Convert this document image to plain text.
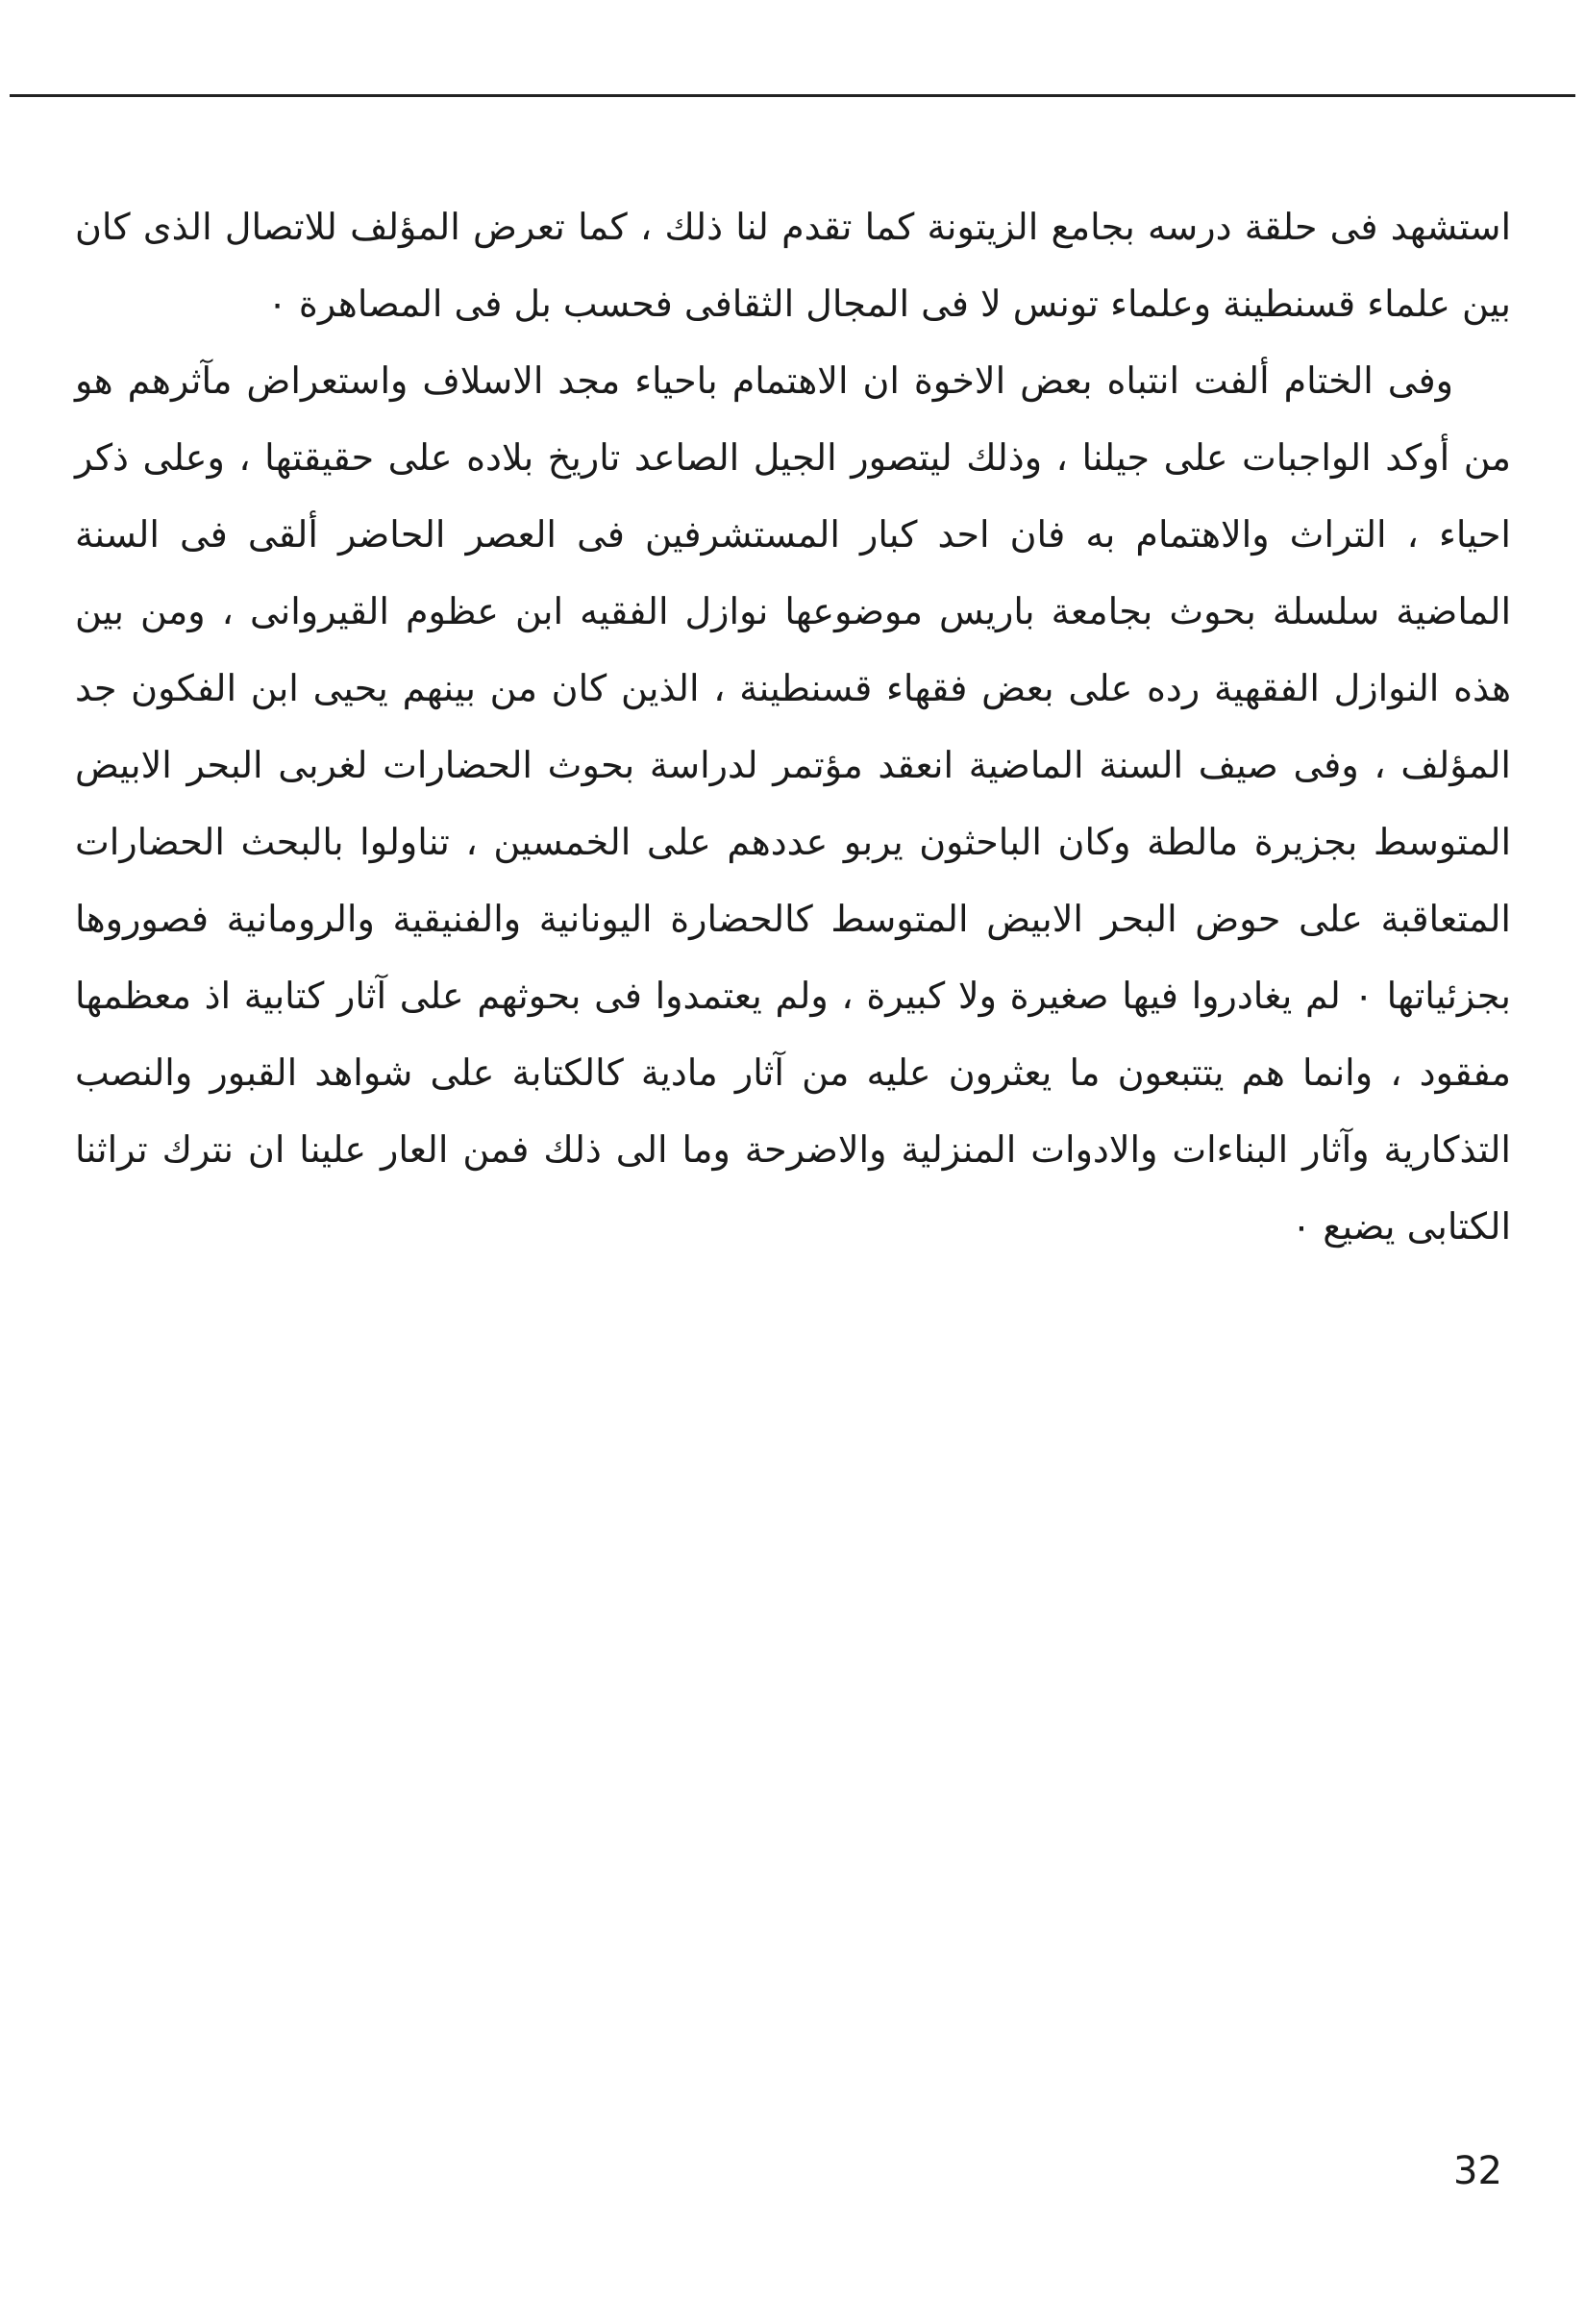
استشهد فى حلقة درسه بجامع الزيتونة كما تقدم لنا ذلك ، كما تعرض المؤلف للاتصال الذى كان بين علماء قسنطينة وعلماء تونس لا فى المجال الثقافى فحسب بل فى المصاهرة ٠

وفى الختام ألفت انتباه بعض الاخوة ان الاهتمام باحياء مجد الاسلاف واستعراض مآثرهم هو من أوكد الواجبات على جيلنا ، وذلك ليتصور الجيل الصاعد تاريخ بلاده على حقيقتها ، وعلى ذكر احياء ، التراث والاهتمام به فان احد كبار المستشرفين فى العصر الحاضر ألقى فى السنة الماضية سلسلة بحوث بجامعة باريس موضوعها نوازل الفقيه ابن عظوم القيروانى ، ومن بين هذه النوازل الفقهية رده على بعض فقهاء قسنطينة ، الذين كان من بينهم يحيى ابن الفكون جد المؤلف ، وفى صيف السنة الماضية انعقد مؤتمر لدراسة بحوث الحضارات لغربى البحر الابيض المتوسط بجزيرة مالطة وكان الباحثون يربو عددهم على الخمسين ، تناولوا بالبحث الحضارات المتعاقبة على حوض البحر الابيض المتوسط كالحضارة اليونانية والفنيقية والرومانية فصوروها بجزئياتها ٠ لم يغادروا فيها صغيرة ولا كبيرة ، ولم يعتمدوا فى بحوثهم على آثار كتابية اذ معظمها مفقود ، وانما هم يتتبعون ما يعثرون عليه من آثار مادية كالكتابة على شواهد القبور والنصب التذكارية وآثار البناءات والادوات المنزلية والاضرحة وما الى ذلك فمن العار علينا ان نترك تراثنا الكتابى يضيع ٠

32
